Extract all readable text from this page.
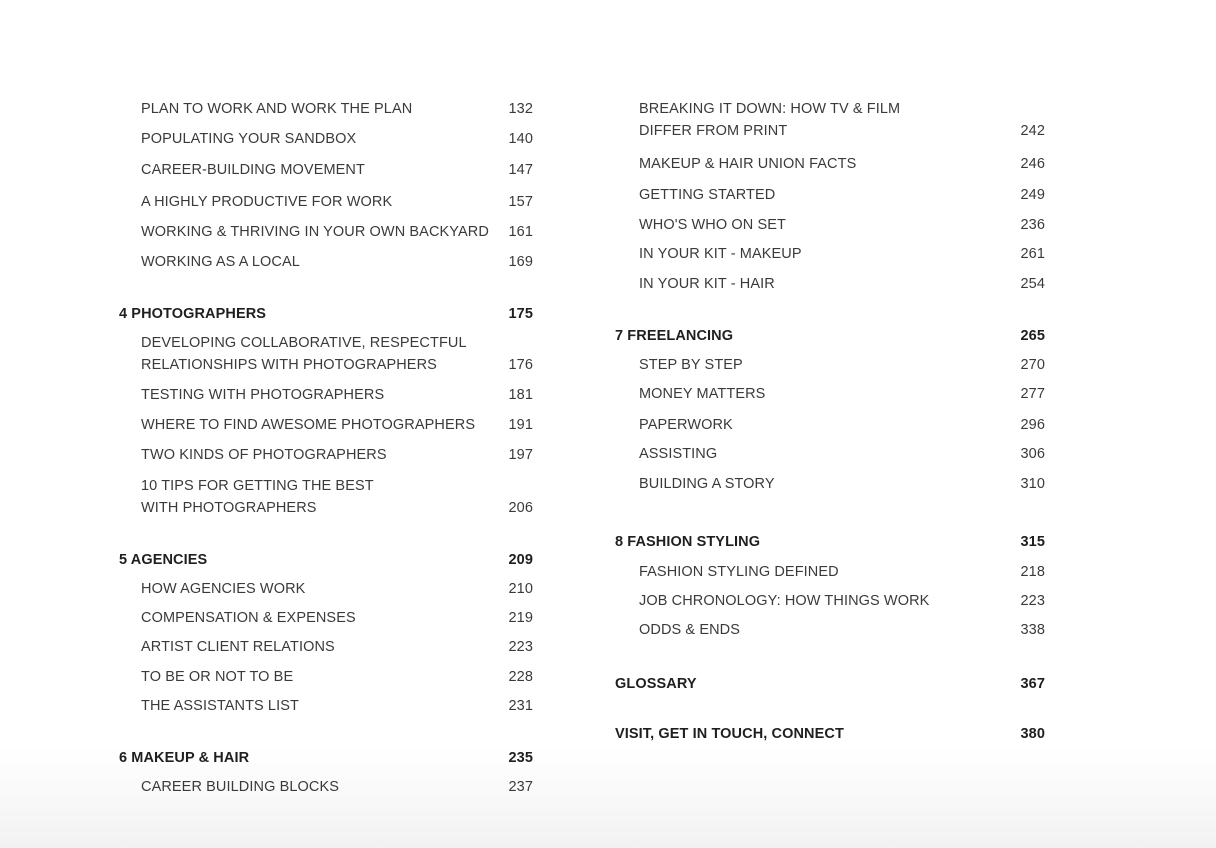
PLAN TO WORK AND WORK THE PLAN	132
POPULATING YOUR SANDBOX	140
CAREER-BUILDING MOVEMENT	147
A HIGHLY PRODUCTIVE FOR WORK	157
WORKING & THRIVING IN YOUR OWN BACKYARD	161
WORKING AS A LOCAL	169
4 PHOTOGRAPHERS	175
DEVELOPING COLLABORATIVE, RESPECTFUL
RELATIONSHIPS WITH PHOTOGRAPHERS	176
TESTING WITH PHOTOGRAPHERS	181
WHERE TO FIND AWESOME PHOTOGRAPHERS	191
TWO KINDS OF PHOTOGRAPHERS	197
10 TIPS FOR GETTING THE BEST
WITH PHOTOGRAPHERS	206
5 AGENCIES	209
HOW AGENCIES WORK	210
COMPENSATION & EXPENSES	219
ARTIST CLIENT RELATIONS	223
TO BE OR NOT TO BE	228
THE ASSISTANTS LIST	231
6 MAKEUP & HAIR	235
CAREER BUILDING BLOCKS	237
BREAKING IT DOWN: HOW TV & FILM
DIFFER FROM PRINT	242
MAKEUP & HAIR UNION FACTS	246
GETTING STARTED	249
WHO'S WHO ON SET	236
IN YOUR KIT - MAKEUP	261
IN YOUR KIT - HAIR	254
7 FREELANCING	265
STEP BY STEP	270
MONEY MATTERS	277
PAPERWORK	296
ASSISTING	306
BUILDING A STORY	310
8 FASHION STYLING	315
FASHION STYLING DEFINED	218
JOB CHRONOLOGY: HOW THINGS WORK	223
ODDS & ENDS	338
GLOSSARY	367
VISIT, GET IN TOUCH, CONNECT	380
